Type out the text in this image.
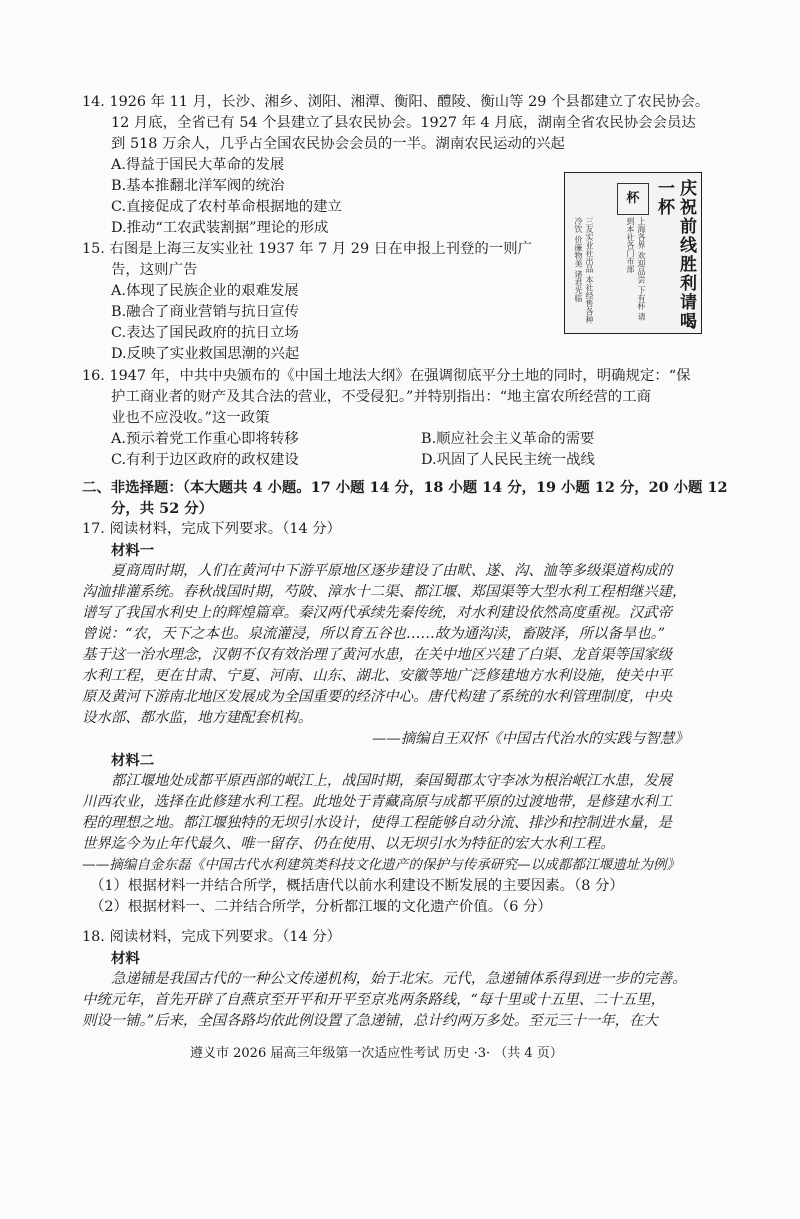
14. 1926 年 11 月，长沙、湘乡、浏阳、湘潭、衡阳、醴陵、衡山等 29 个县都建立了农民协会。
12 月底，全省已有 54 个县建立了县农民协会。1927 年 4 月底，湖南全省农民协会会员达
到 518 万余人，几乎占全国农民协会会员的一半。湖南农民运动的兴起
A.得益于国民大革命的发展
B.基本推翻北洋军阀的统治
C.直接促成了农村革命根据地的建立
D.推动“工农武装割据”理论的形成
15. 右图是上海三友实业社 1937 年 7 月 29 日在申报上刊登的一则广
告，这则广告
A.体现了民族企业的艰难发展
B.融合了商业营销与抗日宣传
C.表达了国民政府的抗日立场
D.反映了实业救国思潮的兴起
庆祝前线胜利请喝一杯
杯
三友实业社出品 本社经售各种冷饮 价廉物美 诸君光临	上海各界 欢迎品尝 下有杯 请到本社各门市部
16. 1947 年，中共中央颁布的《中国土地法大纲》在强调彻底平分土地的同时，明确规定：“保
护工商业者的财产及其合法的营业，不受侵犯。”并特别指出：“地主富农所经营的工商
业也不应没收。”这一政策
A.预示着党工作重心即将转移	B.顺应社会主义革命的需要
C.有利于边区政府的政权建设	D.巩固了人民民主统一战线
二、非选择题：（本大题共 4 小题。17 小题 14 分，18 小题 14 分，19 小题 12 分，20 小题 12
分，共 52 分）
17. 阅读材料，完成下列要求。（14 分）
材料一
夏商周时期，人们在黄河中下游平原地区逐步建设了由畎、遂、沟、洫等多级渠道构成的
沟洫排灌系统。春秋战国时期，芍陂、漳水十二渠、都江堰、郑国渠等大型水利工程相继兴建，
谱写了我国水利史上的辉煌篇章。秦汉两代承续先秦传统，对水利建设依然高度重视。汉武帝
曾说：“农，天下之本也。泉流灌浸，所以育五谷也……故为通沟渎，畜陂泽，所以备旱也。”
基于这一治水理念，汉朝不仅有效治理了黄河水患，在关中地区兴建了白渠、龙首渠等国家级
水利工程，更在甘肃、宁夏、河南、山东、湖北、安徽等地广泛修建地方水利设施，使关中平
原及黄河下游南北地区发展成为全国重要的经济中心。唐代构建了系统的水利管理制度，中央
设水部、都水监，地方建配套机构。
——摘编自王双怀《中国古代治水的实践与智慧》
材料二
都江堰地处成都平原西部的岷江上，战国时期，秦国蜀郡太守李冰为根治岷江水患，发展
川西农业，选择在此修建水利工程。此地处于青藏高原与成都平原的过渡地带，是修建水利工
程的理想之地。都江堰独特的无坝引水设计，使得工程能够自动分流、排沙和控制进水量，是
世界迄今为止年代最久、唯一留存、仍在使用、以无坝引水为特征的宏大水利工程。
——摘编自金东磊《中国古代水利建筑类科技文化遗产的保护与传承研究—以成都都江堰遗址为例》
（1）根据材料一并结合所学，概括唐代以前水利建设不断发展的主要因素。（8 分）
（2）根据材料一、二并结合所学，分析都江堰的文化遗产价值。（6 分）
18. 阅读材料，完成下列要求。（14 分）
材料
急递铺是我国古代的一种公文传递机构，始于北宋。元代，急递铺体系得到进一步的完善。
中统元年，首先开辟了自燕京至开平和开平至京兆两条路线，“每十里或十五里、二十五里，
则设一铺。”后来，全国各路均依此例设置了急递铺，总计约两万多处。至元三十一年，在大
遵义市 2026 届高三年级第一次适应性考试 历史 ·3· （共 4 页）
